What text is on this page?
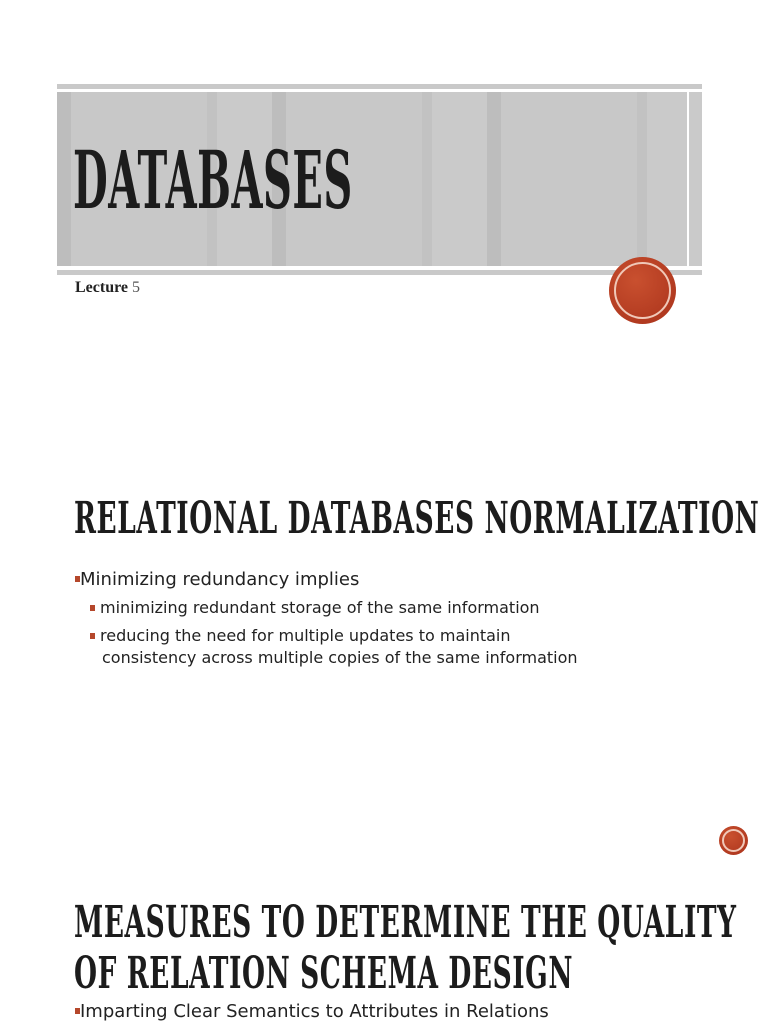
DATABASES
Lecture 5
RELATIONAL DATABASES NORMALIZATION
Minimizing redundancy implies
minimizing redundant storage of the same information
reducing the need for multiple updates to maintain
consistency across multiple copies of the same information
MEASURES TO DETERMINE THE QUALITY
OF RELATION SCHEMA DESIGN
Imparting Clear Semantics to Attributes in Relations
